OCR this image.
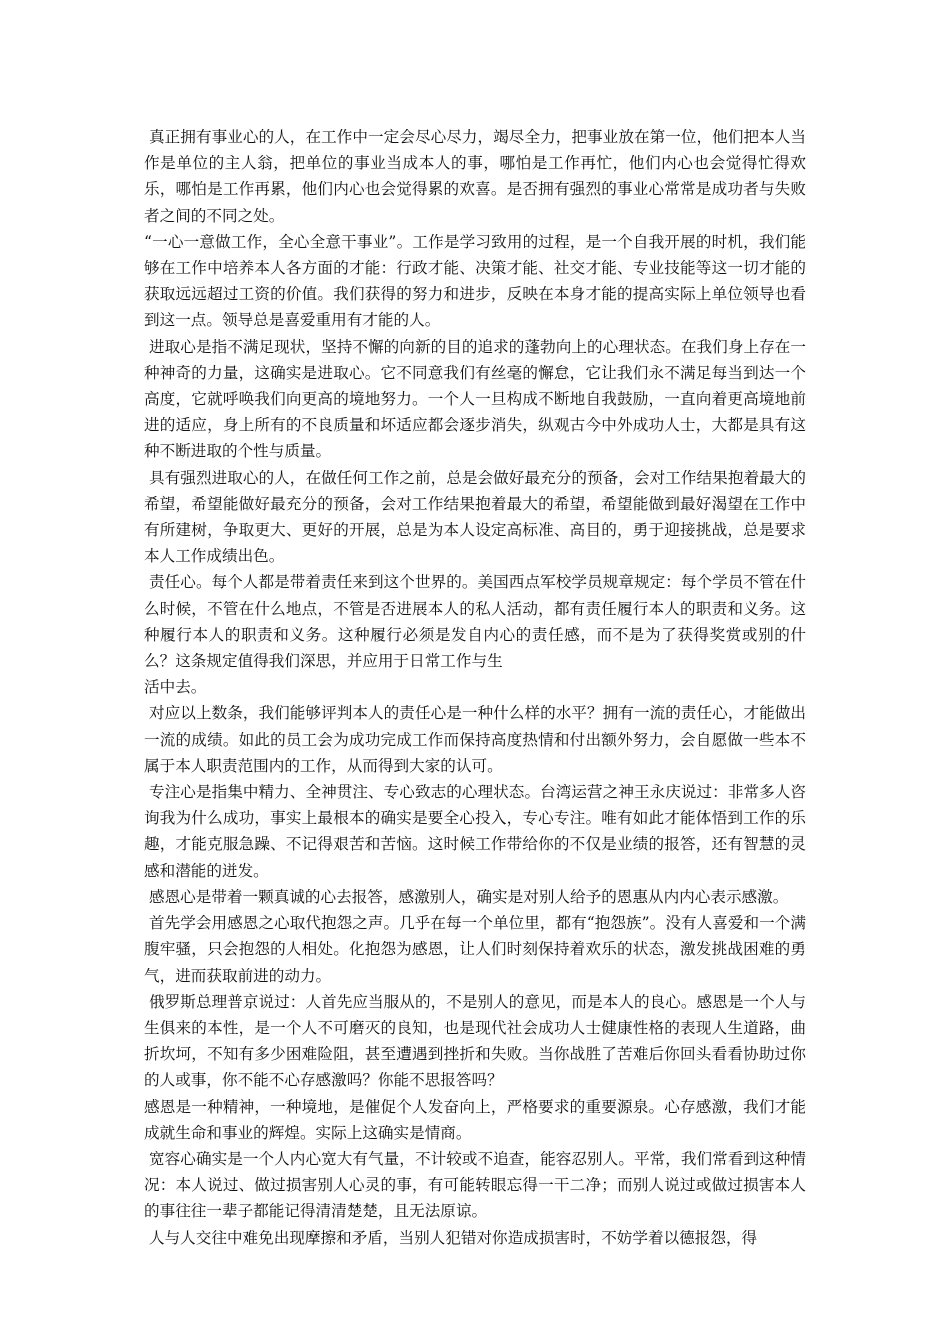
真正拥有事业心的人，在工作中一定会尽心尽力，竭尽全力，把事业放在第一位，他们把本人当作是单位的主人翁，把单位的事业当成本人的事，哪怕是工作再忙，他们内心也会觉得忙得欢乐，哪怕是工作再累，他们内心也会觉得累的欢喜。是否拥有强烈的事业心常常是成功者与失败者之间的不同之处。

“一心一意做工作，全心全意干事业”。工作是学习致用的过程，是一个自我开展的时机，我们能够在工作中培养本人各方面的才能：行政才能、决策才能、社交才能、专业技能等这一切才能的获取远远超过工资的价值。我们获得的努力和进步，反映在本身才能的提高实际上单位领导也看到这一点。领导总是喜爱重用有才能的人。

进取心是指不满足现状，坚持不懈的向新的目的追求的蓬勃向上的心理状态。在我们身上存在一种神奇的力量，这确实是进取心。它不同意我们有丝毫的懈怠，它让我们永不满足每当到达一个高度，它就呼唤我们向更高的境地努力。一个人一旦构成不断地自我鼓励，一直向着更高境地前进的适应，身上所有的不良质量和坏适应都会逐步消失，纵观古今中外成功人士，大都是具有这种不断进取的个性与质量。

具有强烈进取心的人，在做任何工作之前，总是会做好最充分的预备，会对工作结果抱着最大的希望，希望能做好最充分的预备，会对工作结果抱着最大的希望，希望能做到最好渴望在工作中有所建树，争取更大、更好的开展，总是为本人设定高标准、高目的，勇于迎接挑战，总是要求本人工作成绩出色。

责任心。每个人都是带着责任来到这个世界的。美国西点军校学员规章规定：每个学员不管在什么时候，不管在什么地点，不管是否进展本人的私人活动，都有责任履行本人的职责和义务。这种履行本人的职责和义务。这种履行必须是发自内心的责任感，而不是为了获得奖赏或别的什么？这条规定值得我们深思，并应用于日常工作与生

活中去。

对应以上数条，我们能够评判本人的责任心是一种什么样的水平？拥有一流的责任心，才能做出一流的成绩。如此的员工会为成功完成工作而保持高度热情和付出额外努力，会自愿做一些本不属于本人职责范围内的工作，从而得到大家的认可。

专注心是指集中精力、全神贯注、专心致志的心理状态。台湾运营之神王永庆说过：非常多人咨询我为什么成功，事实上最根本的确实是要全心投入，专心专注。唯有如此才能体悟到工作的乐趣，才能克服急躁、不记得艰苦和苦恼。这时候工作带给你的不仅是业绩的报答，还有智慧的灵感和潜能的迸发。

感恩心是带着一颗真诚的心去报答，感激别人，确实是对别人给予的恩惠从内内心表示感激。

首先学会用感恩之心取代抱怨之声。几乎在每一个单位里，都有“抱怨族”。没有人喜爱和一个满腹牢骚，只会抱怨的人相处。化抱怨为感恩，让人们时刻保持着欢乐的状态，激发挑战困难的勇气，进而获取前进的动力。

俄罗斯总理普京说过：人首先应当服从的，不是别人的意见，而是本人的良心。感恩是一个人与生俱来的本性，是一个人不可磨灭的良知，也是现代社会成功人士健康性格的表现人生道路，曲折坎坷，不知有多少困难险阻，甚至遭遇到挫折和失败。当你战胜了苦难后你回头看看协助过你的人或事，你不能不心存感激吗？你能不思报答吗？

感恩是一种精神，一种境地，是催促个人发奋向上，严格要求的重要源泉。心存感激，我们才能成就生命和事业的辉煌。实际上这确实是情商。

宽容心确实是一个人内心宽大有气量，不计较或不追查，能容忍别人。平常，我们常看到这种情况：本人说过、做过损害别人心灵的事，有可能转眼忘得一干二净；而别人说过或做过损害本人的事往往一辈子都能记得清清楚楚，且无法原谅。

人与人交往中难免出现摩擦和矛盾，当别人犯错对你造成损害时，不妨学着以德报怨，得
